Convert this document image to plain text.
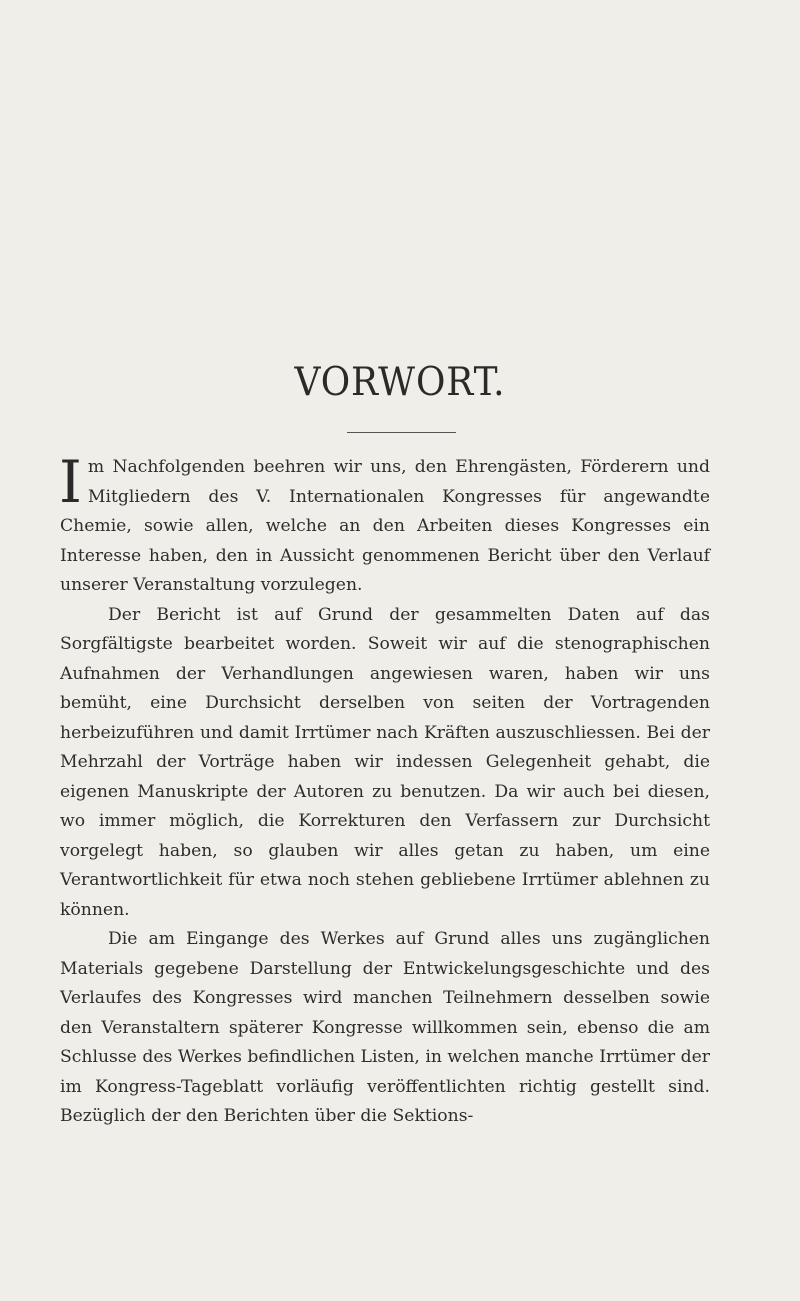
VORWORT.

Im Nachfolgenden beehren wir uns, den Ehrengästen, Förderern und Mitgliedern des V. Internationalen Kongresses für angewandte Chemie, sowie allen, welche an den Arbeiten dieses Kongresses ein Interesse haben, den in Aussicht genommenen Bericht über den Verlauf unserer Veranstaltung vorzulegen.

Der Bericht ist auf Grund der gesammelten Daten auf das Sorgfältigste bearbeitet worden. Soweit wir auf die stenographischen Aufnahmen der Verhandlungen angewiesen waren, haben wir uns bemüht, eine Durchsicht derselben von seiten der Vortragenden herbeizuführen und damit Irrtümer nach Kräften auszuschliessen. Bei der Mehrzahl der Vorträge haben wir indessen Gelegenheit gehabt, die eigenen Manuskripte der Autoren zu benutzen. Da wir auch bei diesen, wo immer möglich, die Korrekturen den Verfassern zur Durchsicht vorgelegt haben, so glauben wir alles getan zu haben, um eine Verantwortlichkeit für etwa noch stehen gebliebene Irrtümer ablehnen zu können.

Die am Eingange des Werkes auf Grund alles uns zugänglichen Materials gegebene Darstellung der Entwickelungsgeschichte und des Verlaufes des Kongresses wird manchen Teilnehmern desselben sowie den Veranstaltern späterer Kongresse willkommen sein, ebenso die am Schlusse des Werkes befindlichen Listen, in welchen manche Irrtümer der im Kongress-Tageblatt vorläufig veröffentlichten richtig gestellt sind. Bezüglich der den Berichten über die Sektions-
